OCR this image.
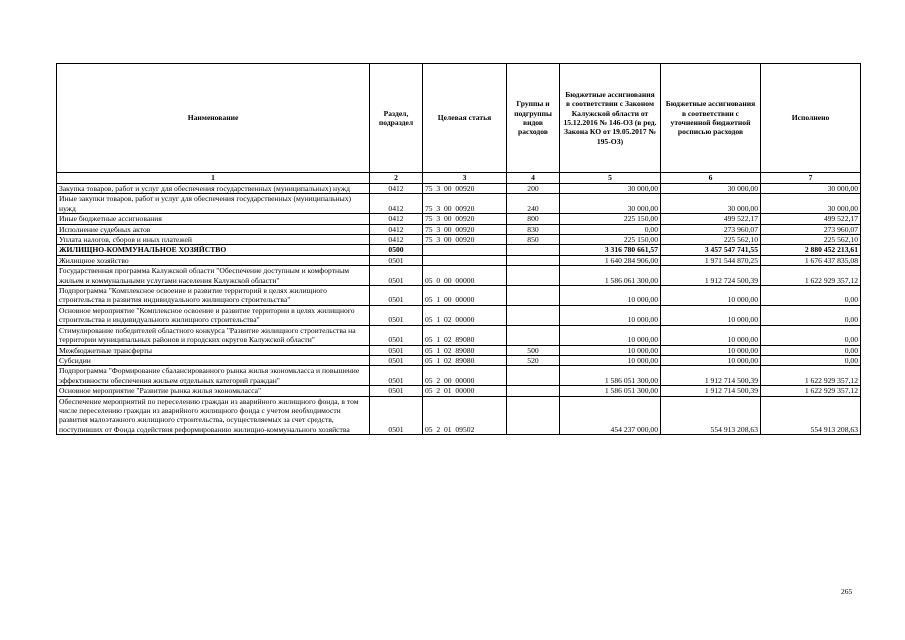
Наименование	Раздел, подраздел	Целевая статья	Группы и подгруппы видов расходов	Бюджетные ассигнования в соответствии с Законом Калужской области от 15.12.2016 № 146-ОЗ (в ред. Закона КО от 19.05.2017 № 195-ОЗ)	Бюджетные ассигнования в соответствии с уточненной бюджетной росписью расходов	Исполнено
1	2	3	4	5	6	7
Закупка товаров, работ и услуг для обеспечения государственных (муниципальных) нужд	0412	75  3  00  00920	200	30 000,00	30 000,00	30 000,00
Иные закупки товаров, работ и услуг для обеспечения государственных (муниципальных) нужд	0412	75  3  00  00920	240	30 000,00	30 000,00	30 000,00
Иные бюджетные ассигнования	0412	75  3  00  00920	800	225 150,00	499 522,17	499 522,17
Исполнение судебных актов	0412	75  3  00  00920	830	0,00	273 960,07	273 960,07
Уплата налогов, сборов и иных платежей	0412	75  3  00  00920	850	225 150,00	225 562,10	225 562,10
ЖИЛИЩНО-КОММУНАЛЬНОЕ ХОЗЯЙСТВО	0500			3 316 780 661,57	3 457 547 741,55	2 880 452 213,61
Жилищное хозяйство	0501			1 640 284 906,00	1 971 544 870,25	1 676 437 835,08
Государственная программа Калужской области "Обеспечение доступным и комфортным жильем и коммунальными услугами населения Калужской области"	0501	05  0  00  00000		1 586 061 300,00	1 912 724 500,39	1 622 929 357,12
Подпрограмма "Комплексное освоение и развитие территорий в целях жилищного строительства и развития индивидуального жилищного строительства"	0501	05  1  00  00000		10 000,00	10 000,00	0,00
Основное мероприятие "Комплексное освоение и развитие территории в целях жилищного строительства и индивидуального жилищного строительства"	0501	05  1  02  00000		10 000,00	10 000,00	0,00
Стимулирование победителей областного конкурса "Развитие жилищного строительства на территории муниципальных районов и городских округов Калужской области"	0501	05  1  02  89080		10 000,00	10 000,00	0,00
Межбюджетные трансферты	0501	05  1  02  89080	500	10 000,00	10 000,00	0,00
Субсидии	0501	05  1  02  89080	520	10 000,00	10 000,00	0,00
Подпрограмма "Формирование сбалансированного рынка жилья экономкласса и повышение эффективности обеспечения жильем отдельных категорий граждан"	0501	05  2  00  00000		1 586 051 300,00	1 912 714 500,39	1 622 929 357,12
Основное мероприятие "Развитие рынка жилья экономкласса"	0501	05  2  01  00000		1 586 051 300,00	1 912 714 500,39	1 622 929 357,12
Обеспечение мероприятий по переселению граждан из аварийного жилищного фонда, в том числе переселению граждан из аварийного жилищного фонда с учетом необходимости развития малоэтажного жилищного строительства, осуществляемых за счет средств, поступивших от Фонда содействия реформированию жилищно-коммунального хозяйства	0501	05  2  01  09502		454 237 000,00	554 913 208,63	554 913 208,63
265
